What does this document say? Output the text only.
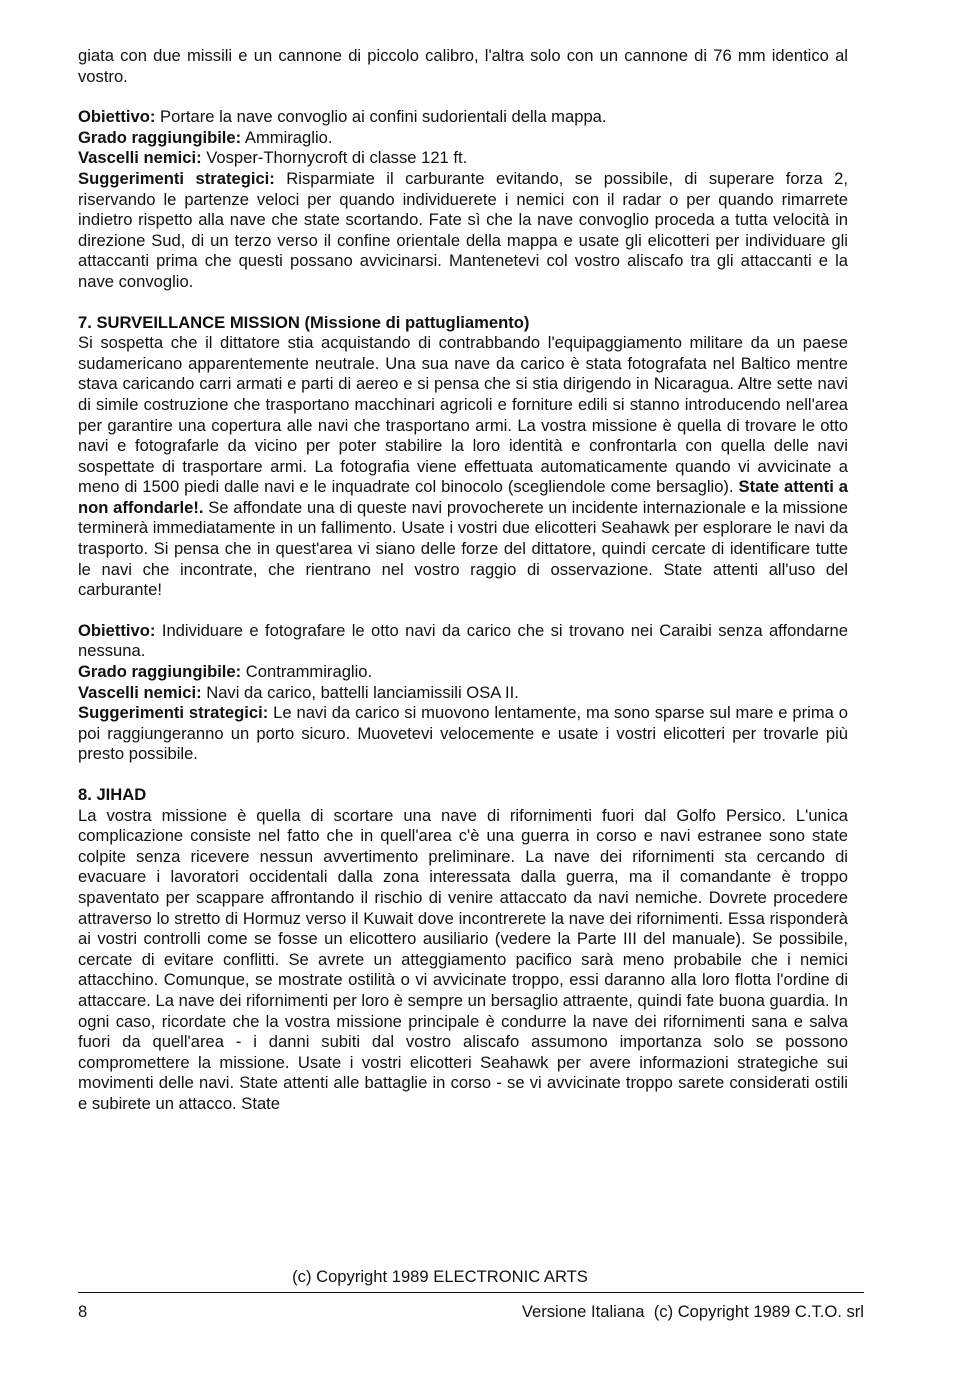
giata con due missili e un cannone di piccolo calibro, l'altra solo con un cannone di 76 mm identico al vostro.

Obiettivo: Portare la nave convoglio ai confini sudorientali della mappa.

Grado raggiungibile: Ammiraglio.

Vascelli nemici: Vosper-Thornycroft di classe 121 ft.

Suggerimenti strategici: Risparmiate il carburante evitando, se possibile, di superare forza 2, riservando le partenze veloci per quando individuerete i nemici con il radar o per quando rimarrete indietro rispetto alla nave che state scortando. Fate sì che la nave convoglio proceda a tutta velocità in direzione Sud, di un terzo verso il confine orientale della mappa e usate gli elicotteri per individuare gli attaccanti prima che questi possano avvicinarsi. Mantenetevi col vostro aliscafo tra gli attaccanti e la nave convoglio.

7. SURVEILLANCE MISSION (Missione di pattugliamento)

Si sospetta che il dittatore stia acquistando di contrabbando l'equipaggiamento militare da un paese sudamericano apparentemente neutrale. Una sua nave da carico è stata fotografata nel Baltico mentre stava caricando carri armati e parti di aereo e si pensa che si stia dirigendo in Nicaragua. Altre sette navi di simile costruzione che trasportano macchinari agricoli e forniture edili si stanno introducendo nell'area per garantire una copertura alle navi che trasportano armi. La vostra missione è quella di trovare le otto navi e fotografarle da vicino per poter stabilire la loro identità e confrontarla con quella delle navi sospettate di trasportare armi. La fotografia viene effettuata automaticamente quando vi avvicinate a meno di 1500 piedi dalle navi e le inquadrate col binocolo (scegliendole come bersaglio). State attenti a non affondarle!. Se affondate una di queste navi provocherete un incidente internazionale e la missione terminerà immediatamente in un fallimento. Usate i vostri due elicotteri Seahawk per esplorare le navi da trasporto. Si pensa che in quest'area vi siano delle forze del dittatore, quindi cercate di identificare tutte le navi che incontrate, che rientrano nel vostro raggio di osservazione. State attenti all'uso del carburante!

Obiettivo: Individuare e fotografare le otto navi da carico che si trovano nei Caraibi senza affondarne nessuna.

Grado raggiungibile: Contrammiraglio.

Vascelli nemici: Navi da carico, battelli lanciamissili OSA II.

Suggerimenti strategici: Le navi da carico si muovono lentamente, ma sono sparse sul mare e prima o poi raggiungeranno un porto sicuro. Muovetevi velocemente e usate i vostri elicotteri per trovarle più presto possibile.

8. JIHAD

La vostra missione è quella di scortare una nave di rifornimenti fuori dal Golfo Persico. L'unica complicazione consiste nel fatto che in quell'area c'è una guerra in corso e navi estranee sono state colpite senza ricevere nessun avvertimento preliminare. La nave dei rifornimenti sta cercando di evacuare i lavoratori occidentali dalla zona interessata dalla guerra, ma il comandante è troppo spaventato per scappare affrontando il rischio di venire attaccato da navi nemiche. Dovrete procedere attraverso lo stretto di Hormuz verso il Kuwait dove incontrerete la nave dei rifornimenti. Essa risponderà ai vostri controlli come se fosse un elicottero ausiliario (vedere la Parte III del manuale). Se possibile, cercate di evitare conflitti. Se avrete un atteggiamento pacifico sarà meno probabile che i nemici attacchino. Comunque, se mostrate ostilità o vi avvicinate troppo, essi daranno alla loro flotta l'ordine di attaccare. La nave dei rifornimenti per loro è sempre un bersaglio attraente, quindi fate buona guardia. In ogni caso, ricordate che la vostra missione principale è condurre la nave dei rifornimenti sana e salva fuori da quell'area - i danni subiti dal vostro aliscafo assumono importanza solo se possono compromettere la missione. Usate i vostri elicotteri Seahawk per avere informazioni strategiche sui movimenti delle navi. State attenti alle battaglie in corso - se vi avvicinate troppo sarete considerati ostili e subirete un attacco. State

(c) Copyright 1989 ELECTRONIC ARTS
8	Versione Italiana  (c) Copyright 1989 C.T.O. srl
